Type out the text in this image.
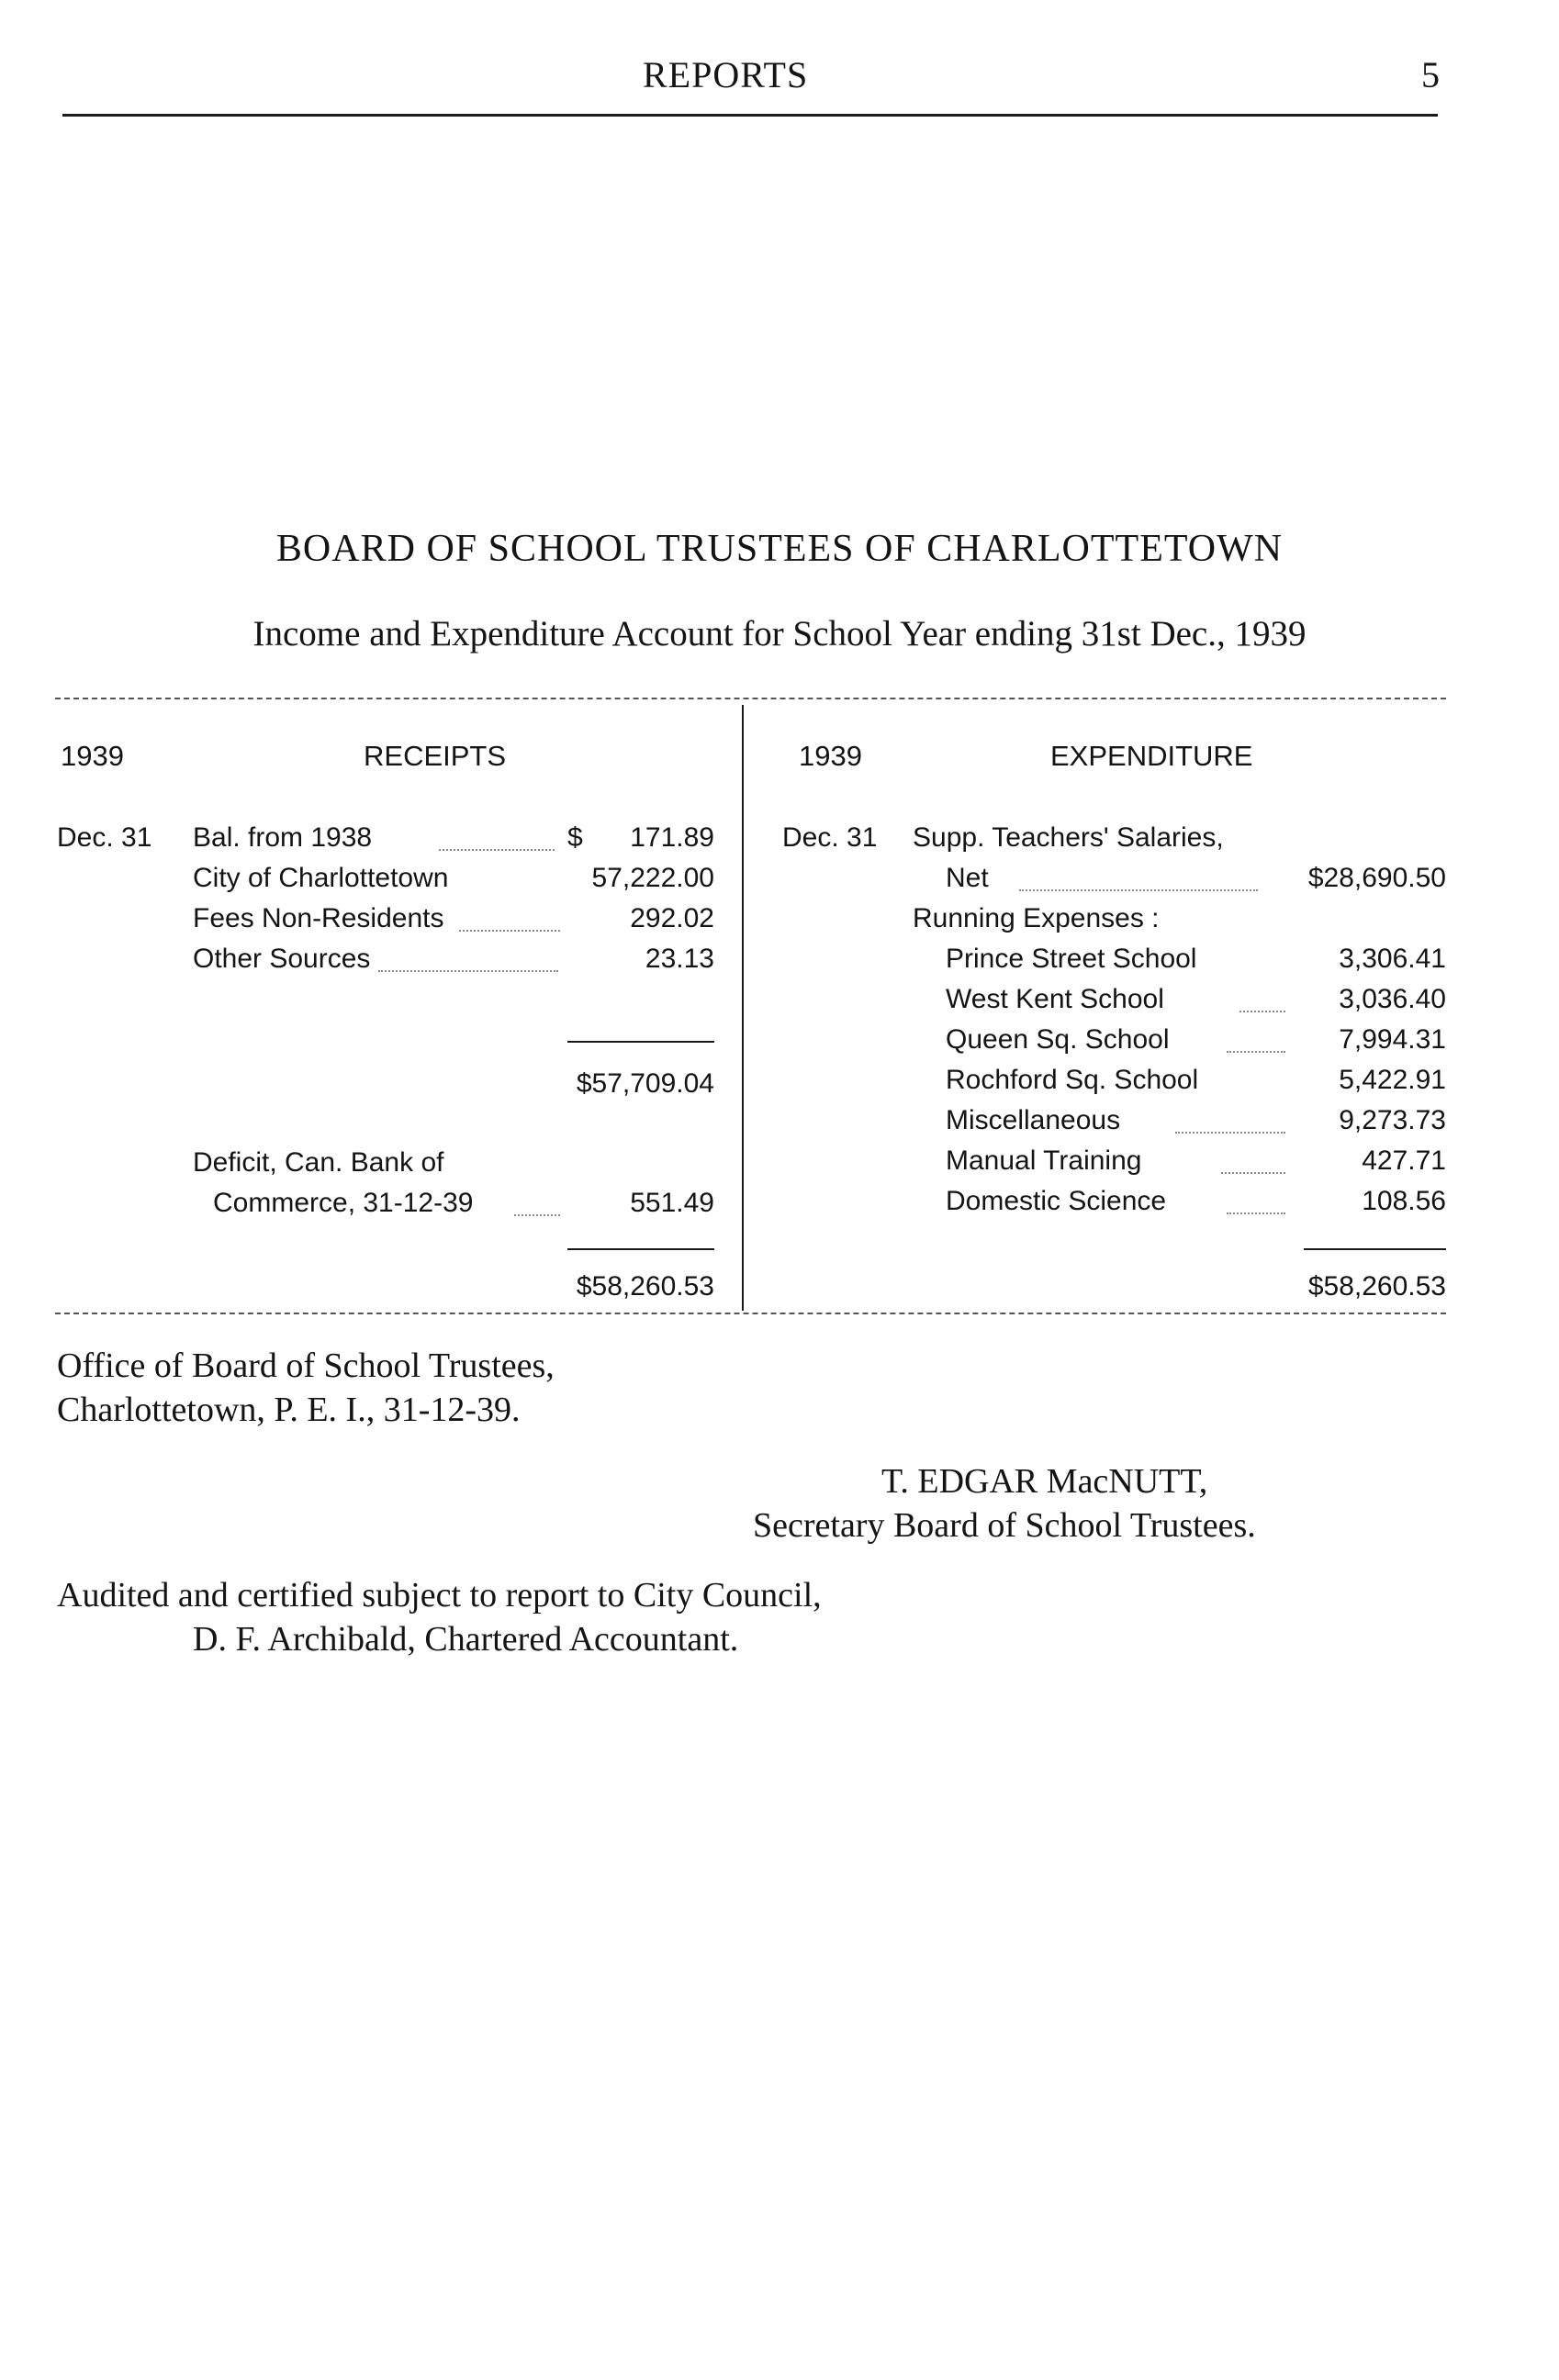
REPORTS	5
BOARD OF SCHOOL TRUSTEES OF CHARLOTTETOWN
Income and Expenditure Account for School Year ending 31st Dec., 1939
1939	RECEIPTS	1939	EXPENDITURE
Dec. 31 Bal. from 1938	$	171.89
City of Charlottetown	57,222.00
Fees Non-Residents	292.02
Other Sources	23.13
$57,709.04
Deficit, Can. Bank of
Commerce, 31-12-39	551.49
$58,260.53
Dec. 31 Supp. Teachers' Salaries,
Net	$28,690.50
Running Expenses :
Prince Street School	3,306.41
West Kent School	3,036.40
Queen Sq. School	7,994.31
Rochford Sq. School	5,422.91
Miscellaneous	9,273.73
Manual Training	427.71
Domestic Science	108.56
$58,260.53
Office of Board of School Trustees,
Charlottetown, P. E. I., 31-12-39.
T. EDGAR MacNUTT,
Secretary Board of School Trustees.
Audited and certified subject to report to City Council,
D. F. Archibald, Chartered Accountant.
